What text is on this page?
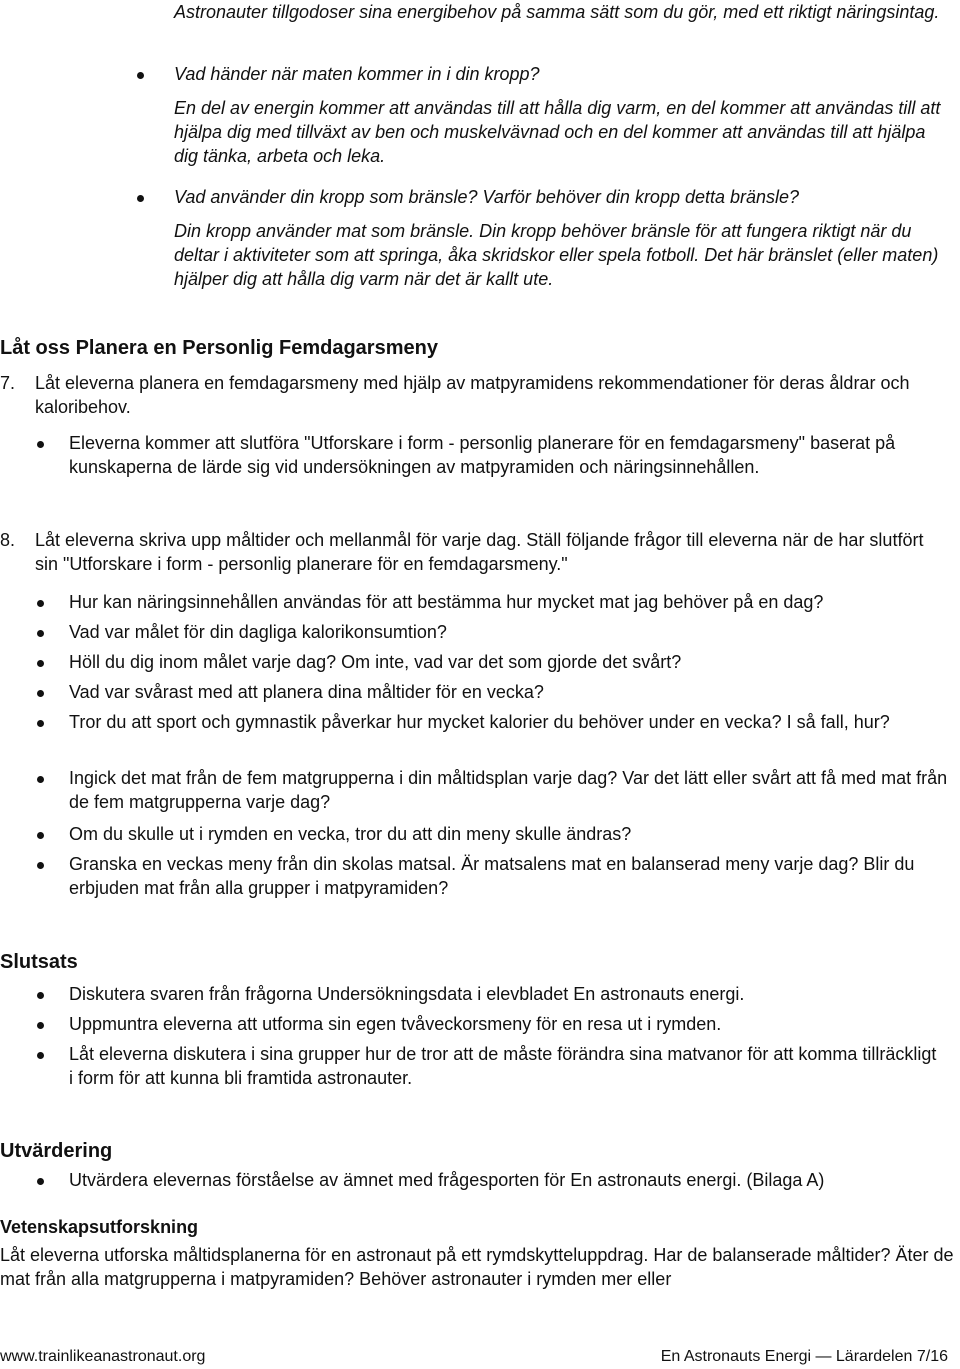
Astronauter tillgodoser sina energibehov på samma sätt som du gör, med ett riktigt näringsintag.

Vad händer när maten kommer in i din kropp?

En del av energin kommer att användas till att hålla dig varm, en del kommer att användas till att hjälpa dig med tillväxt av ben och muskelvävnad och en del kommer att användas till att hjälpa dig tänka, arbeta och leka.

Vad använder din kropp som bränsle? Varför behöver din kropp detta bränsle?

Din kropp använder mat som bränsle. Din kropp behöver bränsle för att fungera riktigt när du deltar i aktiviteter som att springa, åka skridskor eller spela fotboll. Det här bränslet (eller maten) hjälper dig att hålla dig varm när det är kallt ute.

Låt oss Planera en Personlig Femdagarsmeny
7. Låt eleverna planera en femdagarsmeny med hjälp av matpyramidens rekommendationer för deras åldrar och kaloribehov.

Eleverna kommer att slutföra "Utforskare i form - personlig planerare för en femdagarsmeny" baserat på kunskaperna de lärde sig vid undersökningen av matpyramiden och näringsinnehållen.

8. Låt eleverna skriva upp måltider och mellanmål för varje dag. Ställ följande frågor till eleverna när de har slutfört sin "Utforskare i form - personlig planerare för en femdagarsmeny."

Hur kan näringsinnehållen användas för att bestämma hur mycket mat jag behöver på en dag?

Vad var målet för din dagliga kalorikonsumtion?

Höll du dig inom målet varje dag? Om inte, vad var det som gjorde det svårt?

Vad var svårast med att planera dina måltider för en vecka?

Tror du att sport och gymnastik påverkar hur mycket kalorier du behöver under en vecka? I så fall, hur?

Ingick det mat från de fem matgrupperna i din måltidsplan varje dag? Var det lätt eller svårt att få med mat från de fem matgrupperna varje dag?

Om du skulle ut i rymden en vecka, tror du att din meny skulle ändras?

Granska en veckas meny från din skolas matsal. Är matsalens mat en balanserad meny varje dag? Blir du erbjuden mat från alla grupper i matpyramiden?

Slutsats

Diskutera svaren från frågorna Undersökningsdata i elevbladet En astronauts energi.

Uppmuntra eleverna att utforma sin egen tvåveckorsmeny för en resa ut i rymden.

Låt eleverna diskutera i sina grupper hur de tror att de måste förändra sina matvanor för att komma tillräckligt i form för att kunna bli framtida astronauter.

Utvärdering

Utvärdera elevernas förståelse av ämnet med frågesporten för En astronauts energi. (Bilaga A)

Vetenskapsutforskning

Låt eleverna utforska måltidsplanerna för en astronaut på ett rymdskytteluppdrag. Har de balanserade måltider? Äter de mat från alla matgrupperna i matpyramiden? Behöver astronauter i rymden mer eller

www.trainlikeanastronaut.org	En Astronauts Energi — Lärardelen 7/16
